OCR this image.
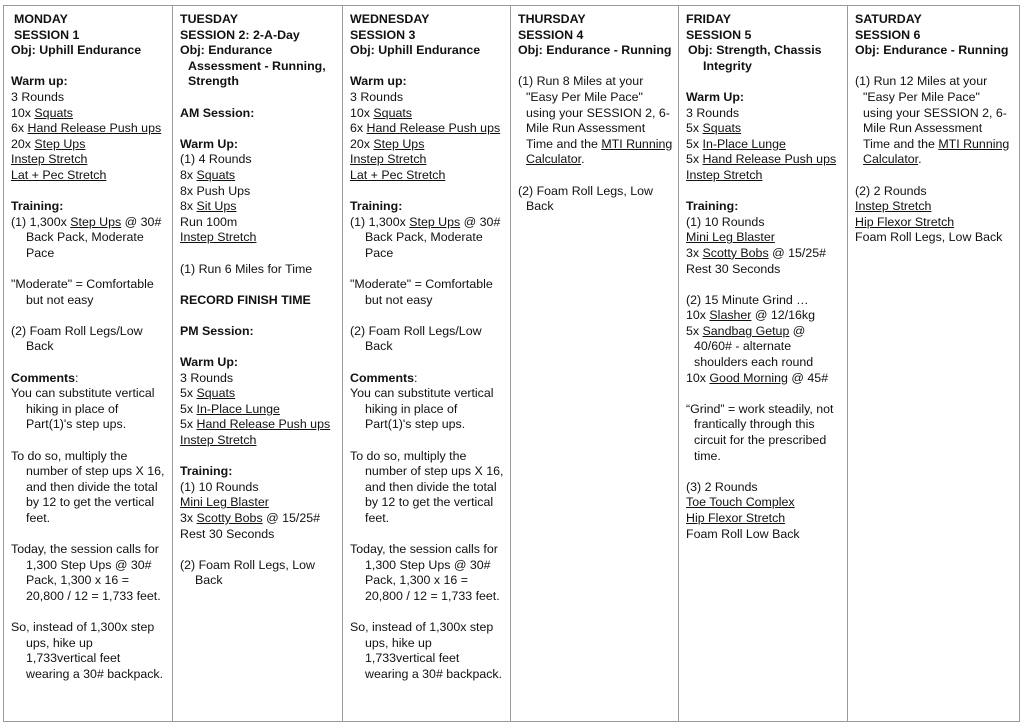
MONDAY
SESSION 1
Obj: Uphill Endurance
Warm up:
3 Rounds
10x Squats
6x Hand Release Push ups
20x Step Ups
Instep Stretch
Lat + Pec Stretch
Training:
(1) 1,300x Step Ups @ 30#
Back Pack, Moderate
Pace
"Moderate" = Comfortable
but not easy
(2) Foam Roll Legs/Low
Back
Comments:
You can substitute vertical
hiking in place of
Part(1)'s step ups.
To do so, multiply the
number of step ups X 16,
and then divide the total
by 12 to get the vertical
feet.
Today, the session calls for
1,300 Step Ups @ 30#
Pack, 1,300 x 16 =
20,800 / 12 = 1,733 feet.
So, instead of 1,300x step
ups, hike up
1,733vertical feet
wearing a 30# backpack.
TUESDAY
SESSION 2: 2-A-Day
Obj: Endurance
Assessment - Running,
Strength
AM Session:
Warm Up:
(1) 4 Rounds
8x Squats
8x Push Ups
8x Sit Ups
Run 100m
Instep Stretch
(1) Run 6 Miles for Time
RECORD FINISH TIME
PM Session:
Warm Up:
3 Rounds
5x Squats
5x In-Place Lunge
5x Hand Release Push ups
Instep Stretch
Training:
(1) 10 Rounds
Mini Leg Blaster
3x Scotty Bobs @ 15/25#
Rest 30 Seconds
(2) Foam Roll Legs, Low
Back
WEDNESDAY
SESSION 3
Obj: Uphill Endurance
Warm up:
3 Rounds
10x Squats
6x Hand Release Push ups
20x Step Ups
Instep Stretch
Lat + Pec Stretch
Training:
(1) 1,300x Step Ups @ 30#
Back Pack, Moderate
Pace
"Moderate" = Comfortable
but not easy
(2) Foam Roll Legs/Low
Back
Comments:
You can substitute vertical
hiking in place of
Part(1)'s step ups.
To do so, multiply the
number of step ups X 16,
and then divide the total
by 12 to get the vertical
feet.
Today, the session calls for
1,300 Step Ups @ 30#
Pack, 1,300 x 16 =
20,800 / 12 = 1,733 feet.
So, instead of 1,300x step
ups, hike up
1,733vertical feet
wearing a 30# backpack.
THURSDAY
SESSION 4
Obj: Endurance - Running
(1) Run 8 Miles at your
"Easy Per Mile Pace"
using your SESSION 2, 6-
Mile Run Assessment
Time and the MTI Running
Calculator.
(2) Foam Roll Legs, Low
Back
FRIDAY
SESSION 5
Obj: Strength, Chassis
Integrity
Warm Up:
3 Rounds
5x Squats
5x In-Place Lunge
5x Hand Release Push ups
Instep Stretch
Training:
(1) 10 Rounds
Mini Leg Blaster
3x Scotty Bobs @ 15/25#
Rest 30 Seconds
(2) 15 Minute Grind …
10x Slasher @ 12/16kg
5x Sandbag Getup @
40/60# - alternate
shoulders each round
10x Good Morning @ 45#
“Grind” = work steadily, not
frantically through this
circuit for the prescribed
time.
(3) 2 Rounds
Toe Touch Complex
Hip Flexor Stretch
Foam Roll Low Back
SATURDAY
SESSION 6
Obj: Endurance - Running
(1) Run 12 Miles at your
"Easy Per Mile Pace"
using your SESSION 2, 6-
Mile Run Assessment
Time and the MTI Running
Calculator.
(2) 2 Rounds
Instep Stretch
Hip Flexor Stretch
Foam Roll Legs, Low Back
